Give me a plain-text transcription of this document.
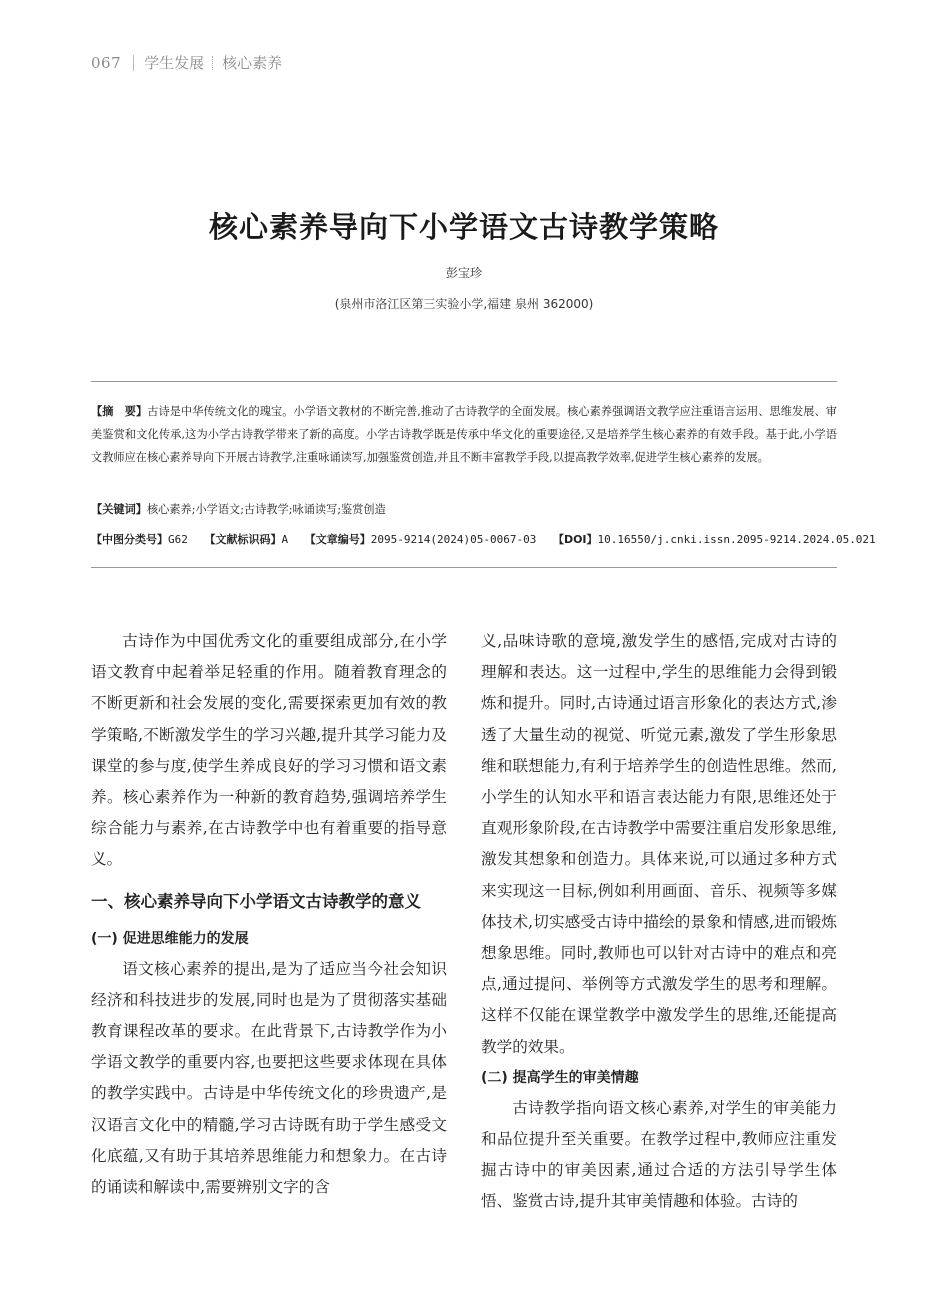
067 学生发展 核心素养
核心素养导向下小学语文古诗教学策略
彭宝珍
(泉州市洛江区第三实验小学,福建 泉州 362000)
【摘　要】古诗是中华传统文化的瑰宝。小学语文教材的不断完善,推动了古诗教学的全面发展。核心素养强调语文教学应注重语言运用、思维发展、审美鉴赏和文化传承,这为小学古诗教学带来了新的高度。小学古诗教学既是传承中华文化的重要途径,又是培养学生核心素养的有效手段。基于此,小学语文教师应在核心素养导向下开展古诗教学,注重咏诵读写,加强鉴赏创造,并且不断丰富教学手段,以提高教学效率,促进学生核心素养的发展。
【关键词】核心素养;小学语文;古诗教学;咏诵读写;鉴赏创造
【中图分类号】G62 【文献标识码】A 【文章编号】2095-9214(2024)05-0067-03 【DOI】10.16550/j.cnki.issn.2095-9214.2024.05.021

古诗作为中国优秀文化的重要组成部分,在小学语文教育中起着举足轻重的作用。随着教育理念的不断更新和社会发展的变化,需要探索更加有效的教学策略,不断激发学生的学习兴趣,提升其学习能力及课堂的参与度,使学生养成良好的学习习惯和语文素养。核心素养作为一种新的教育趋势,强调培养学生综合能力与素养,在古诗教学中也有着重要的指导意义。

一、核心素养导向下小学语文古诗教学的意义
(一) 促进思维能力的发展

语文核心素养的提出,是为了适应当今社会知识经济和科技进步的发展,同时也是为了贯彻落实基础教育课程改革的要求。在此背景下,古诗教学作为小学语文教学的重要内容,也要把这些要求体现在具体的教学实践中。古诗是中华传统文化的珍贵遗产,是汉语言文化中的精髓,学习古诗既有助于学生感受文化底蕴,又有助于其培养思维能力和想象力。在古诗的诵读和解读中,需要辨别文字的含

义,品味诗歌的意境,激发学生的感悟,完成对古诗的理解和表达。这一过程中,学生的思维能力会得到锻炼和提升。同时,古诗通过语言形象化的表达方式,渗透了大量生动的视觉、听觉元素,激发了学生形象思维和联想能力,有利于培养学生的创造性思维。然而,小学生的认知水平和语言表达能力有限,思维还处于直观形象阶段,在古诗教学中需要注重启发形象思维,激发其想象和创造力。具体来说,可以通过多种方式来实现这一目标,例如利用画面、音乐、视频等多媒体技术,切实感受古诗中描绘的景象和情感,进而锻炼想象思维。同时,教师也可以针对古诗中的难点和亮点,通过提问、举例等方式激发学生的思考和理解。这样不仅能在课堂教学中激发学生的思维,还能提高教学的效果。

(二) 提高学生的审美情趣

古诗教学指向语文核心素养,对学生的审美能力和品位提升至关重要。在教学过程中,教师应注重发掘古诗中的审美因素,通过合适的方法引导学生体悟、鉴赏古诗,提升其审美情趣和体验。古诗的
